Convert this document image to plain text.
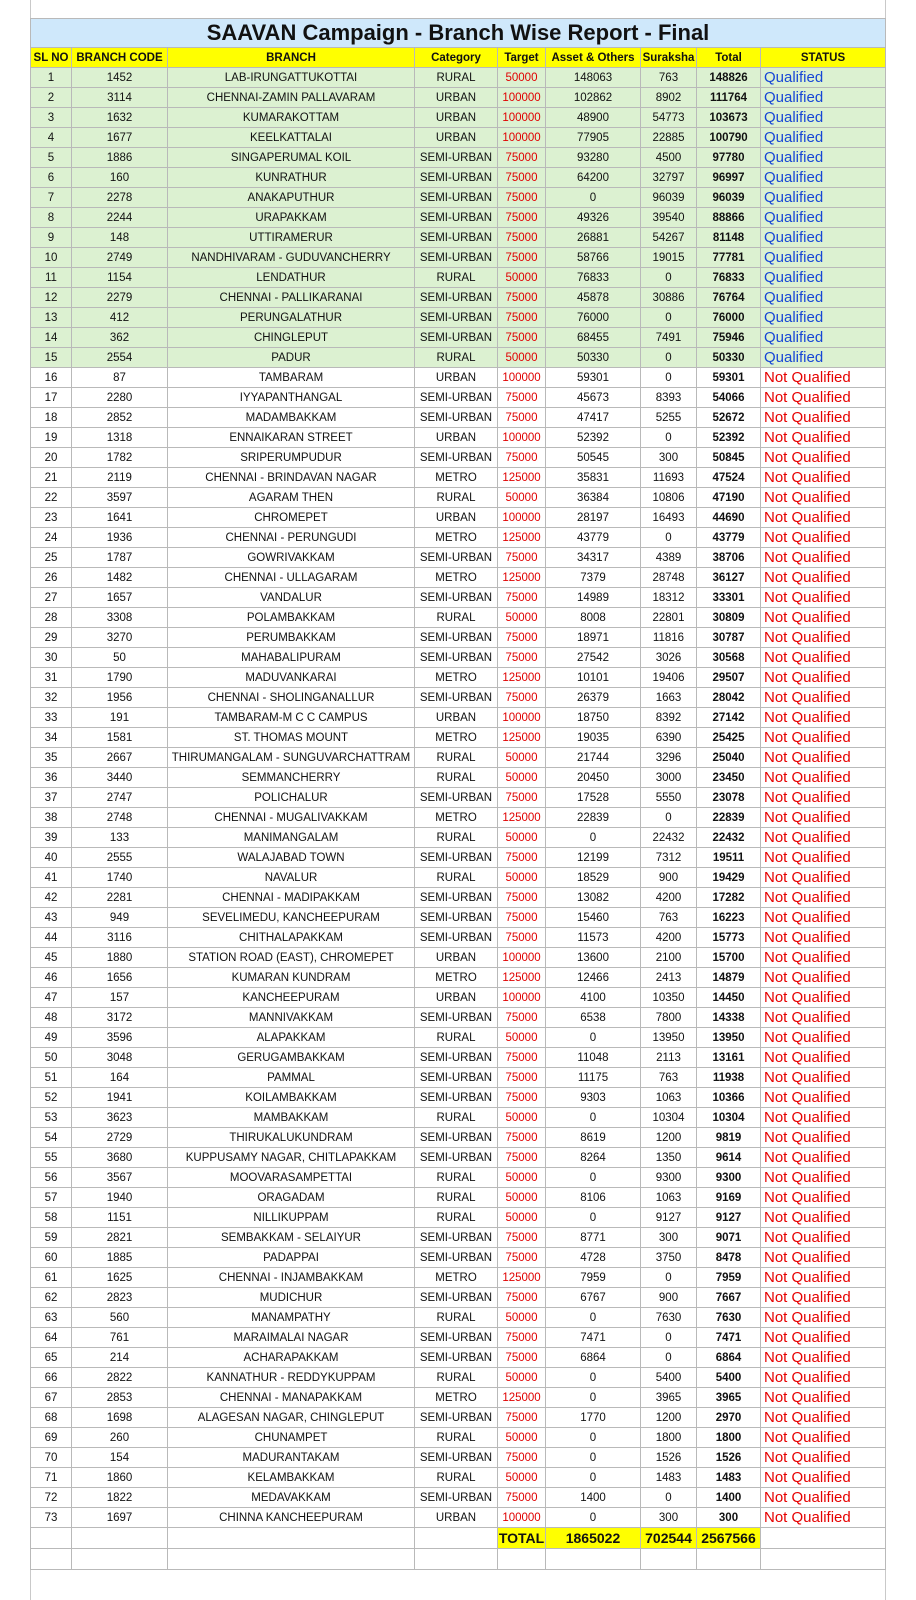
SAAVAN Campaign - Branch Wise Report - Final								
SL NO	BRANCH CODE	BRANCH	Category	Target	Asset & Others	Suraksha	Total	STATUS
1	1452	LAB-IRUNGATTUKOTTAI	RURAL	50000	148063	763	148826	Qualified
2	3114	CHENNAI-ZAMIN PALLAVARAM	URBAN	100000	102862	8902	111764	Qualified
3	1632	KUMARAKOTTAM	URBAN	100000	48900	54773	103673	Qualified
4	1677	KEELKATTALAI	URBAN	100000	77905	22885	100790	Qualified
5	1886	SINGAPERUMAL KOIL	SEMI-URBAN	75000	93280	4500	97780	Qualified
6	160	KUNRATHUR	SEMI-URBAN	75000	64200	32797	96997	Qualified
7	2278	ANAKAPUTHUR	SEMI-URBAN	75000	0	96039	96039	Qualified
8	2244	URAPAKKAM	SEMI-URBAN	75000	49326	39540	88866	Qualified
9	148	UTTIRAMERUR	SEMI-URBAN	75000	26881	54267	81148	Qualified
10	2749	NANDHIVARAM - GUDUVANCHERRY	SEMI-URBAN	75000	58766	19015	77781	Qualified
11	1154	LENDATHUR	RURAL	50000	76833	0	76833	Qualified
12	2279	CHENNAI - PALLIKARANAI	SEMI-URBAN	75000	45878	30886	76764	Qualified
13	412	PERUNGALATHUR	SEMI-URBAN	75000	76000	0	76000	Qualified
14	362	CHINGLEPUT	SEMI-URBAN	75000	68455	7491	75946	Qualified
15	2554	PADUR	RURAL	50000	50330	0	50330	Qualified
16	87	TAMBARAM	URBAN	100000	59301	0	59301	Not Qualified
17	2280	IYYAPANTHANGAL	SEMI-URBAN	75000	45673	8393	54066	Not Qualified
18	2852	MADAMBAKKAM	SEMI-URBAN	75000	47417	5255	52672	Not Qualified
19	1318	ENNAIKARAN STREET	URBAN	100000	52392	0	52392	Not Qualified
20	1782	SRIPERUMPUDUR	SEMI-URBAN	75000	50545	300	50845	Not Qualified
21	2119	CHENNAI - BRINDAVAN NAGAR	METRO	125000	35831	11693	47524	Not Qualified
22	3597	AGARAM THEN	RURAL	50000	36384	10806	47190	Not Qualified
23	1641	CHROMEPET	URBAN	100000	28197	16493	44690	Not Qualified
24	1936	CHENNAI - PERUNGUDI	METRO	125000	43779	0	43779	Not Qualified
25	1787	GOWRIVAKKAM	SEMI-URBAN	75000	34317	4389	38706	Not Qualified
26	1482	CHENNAI - ULLAGARAM	METRO	125000	7379	28748	36127	Not Qualified
27	1657	VANDALUR	SEMI-URBAN	75000	14989	18312	33301	Not Qualified
28	3308	POLAMBAKKAM	RURAL	50000	8008	22801	30809	Not Qualified
29	3270	PERUMBAKKAM	SEMI-URBAN	75000	18971	11816	30787	Not Qualified
30	50	MAHABALIPURAM	SEMI-URBAN	75000	27542	3026	30568	Not Qualified
31	1790	MADUVANKARAI	METRO	125000	10101	19406	29507	Not Qualified
32	1956	CHENNAI - SHOLINGANALLUR	SEMI-URBAN	75000	26379	1663	28042	Not Qualified
33	191	TAMBARAM-M C C CAMPUS	URBAN	100000	18750	8392	27142	Not Qualified
34	1581	ST. THOMAS MOUNT	METRO	125000	19035	6390	25425	Not Qualified
35	2667	THIRUMANGALAM - SUNGUVARCHATTRAM	RURAL	50000	21744	3296	25040	Not Qualified
36	3440	SEMMANCHERRY	RURAL	50000	20450	3000	23450	Not Qualified
37	2747	POLICHALUR	SEMI-URBAN	75000	17528	5550	23078	Not Qualified
38	2748	CHENNAI - MUGALIVAKKAM	METRO	125000	22839	0	22839	Not Qualified
39	133	MANIMANGALAM	RURAL	50000	0	22432	22432	Not Qualified
40	2555	WALAJABAD TOWN	SEMI-URBAN	75000	12199	7312	19511	Not Qualified
41	1740	NAVALUR	RURAL	50000	18529	900	19429	Not Qualified
42	2281	CHENNAI - MADIPAKKAM	SEMI-URBAN	75000	13082	4200	17282	Not Qualified
43	949	SEVELIMEDU, KANCHEEPURAM	SEMI-URBAN	75000	15460	763	16223	Not Qualified
44	3116	CHITHALAPAKKAM	SEMI-URBAN	75000	11573	4200	15773	Not Qualified
45	1880	STATION ROAD (EAST), CHROMEPET	URBAN	100000	13600	2100	15700	Not Qualified
46	1656	KUMARAN KUNDRAM	METRO	125000	12466	2413	14879	Not Qualified
47	157	KANCHEEPURAM	URBAN	100000	4100	10350	14450	Not Qualified
48	3172	MANNIVAKKAM	SEMI-URBAN	75000	6538	7800	14338	Not Qualified
49	3596	ALAPAKKAM	RURAL	50000	0	13950	13950	Not Qualified
50	3048	GERUGAMBAKKAM	SEMI-URBAN	75000	11048	2113	13161	Not Qualified
51	164	PAMMAL	SEMI-URBAN	75000	11175	763	11938	Not Qualified
52	1941	KOILAMBAKKAM	SEMI-URBAN	75000	9303	1063	10366	Not Qualified
53	3623	MAMBAKKAM	RURAL	50000	0	10304	10304	Not Qualified
54	2729	THIRUKALUKUNDRAM	SEMI-URBAN	75000	8619	1200	9819	Not Qualified
55	3680	KUPPUSAMY NAGAR, CHITLAPAKKAM	SEMI-URBAN	75000	8264	1350	9614	Not Qualified
56	3567	MOOVARASAMPETTAI	RURAL	50000	0	9300	9300	Not Qualified
57	1940	ORAGADAM	RURAL	50000	8106	1063	9169	Not Qualified
58	1151	NILLIKUPPAM	RURAL	50000	0	9127	9127	Not Qualified
59	2821	SEMBAKKAM - SELAIYUR	SEMI-URBAN	75000	8771	300	9071	Not Qualified
60	1885	PADAPPAI	SEMI-URBAN	75000	4728	3750	8478	Not Qualified
61	1625	CHENNAI - INJAMBAKKAM	METRO	125000	7959	0	7959	Not Qualified
62	2823	MUDICHUR	SEMI-URBAN	75000	6767	900	7667	Not Qualified
63	560	MANAMPATHY	RURAL	50000	0	7630	7630	Not Qualified
64	761	MARAIMALAI NAGAR	SEMI-URBAN	75000	7471	0	7471	Not Qualified
65	214	ACHARAPAKKAM	SEMI-URBAN	75000	6864	0	6864	Not Qualified
66	2822	KANNATHUR - REDDYKUPPAM	RURAL	50000	0	5400	5400	Not Qualified
67	2853	CHENNAI - MANAPAKKAM	METRO	125000	0	3965	3965	Not Qualified
68	1698	ALAGESAN NAGAR, CHINGLEPUT	SEMI-URBAN	75000	1770	1200	2970	Not Qualified
69	260	CHUNAMPET	RURAL	50000	0	1800	1800	Not Qualified
70	154	MADURANTAKAM	SEMI-URBAN	75000	0	1526	1526	Not Qualified
71	1860	KELAMBAKKAM	RURAL	50000	0	1483	1483	Not Qualified
72	1822	MEDAVAKKAM	SEMI-URBAN	75000	1400	0	1400	Not Qualified
73	1697	CHINNA KANCHEEPURAM	URBAN	100000	0	300	300	Not Qualified
				TOTAL	1865022	702544	2567566	
